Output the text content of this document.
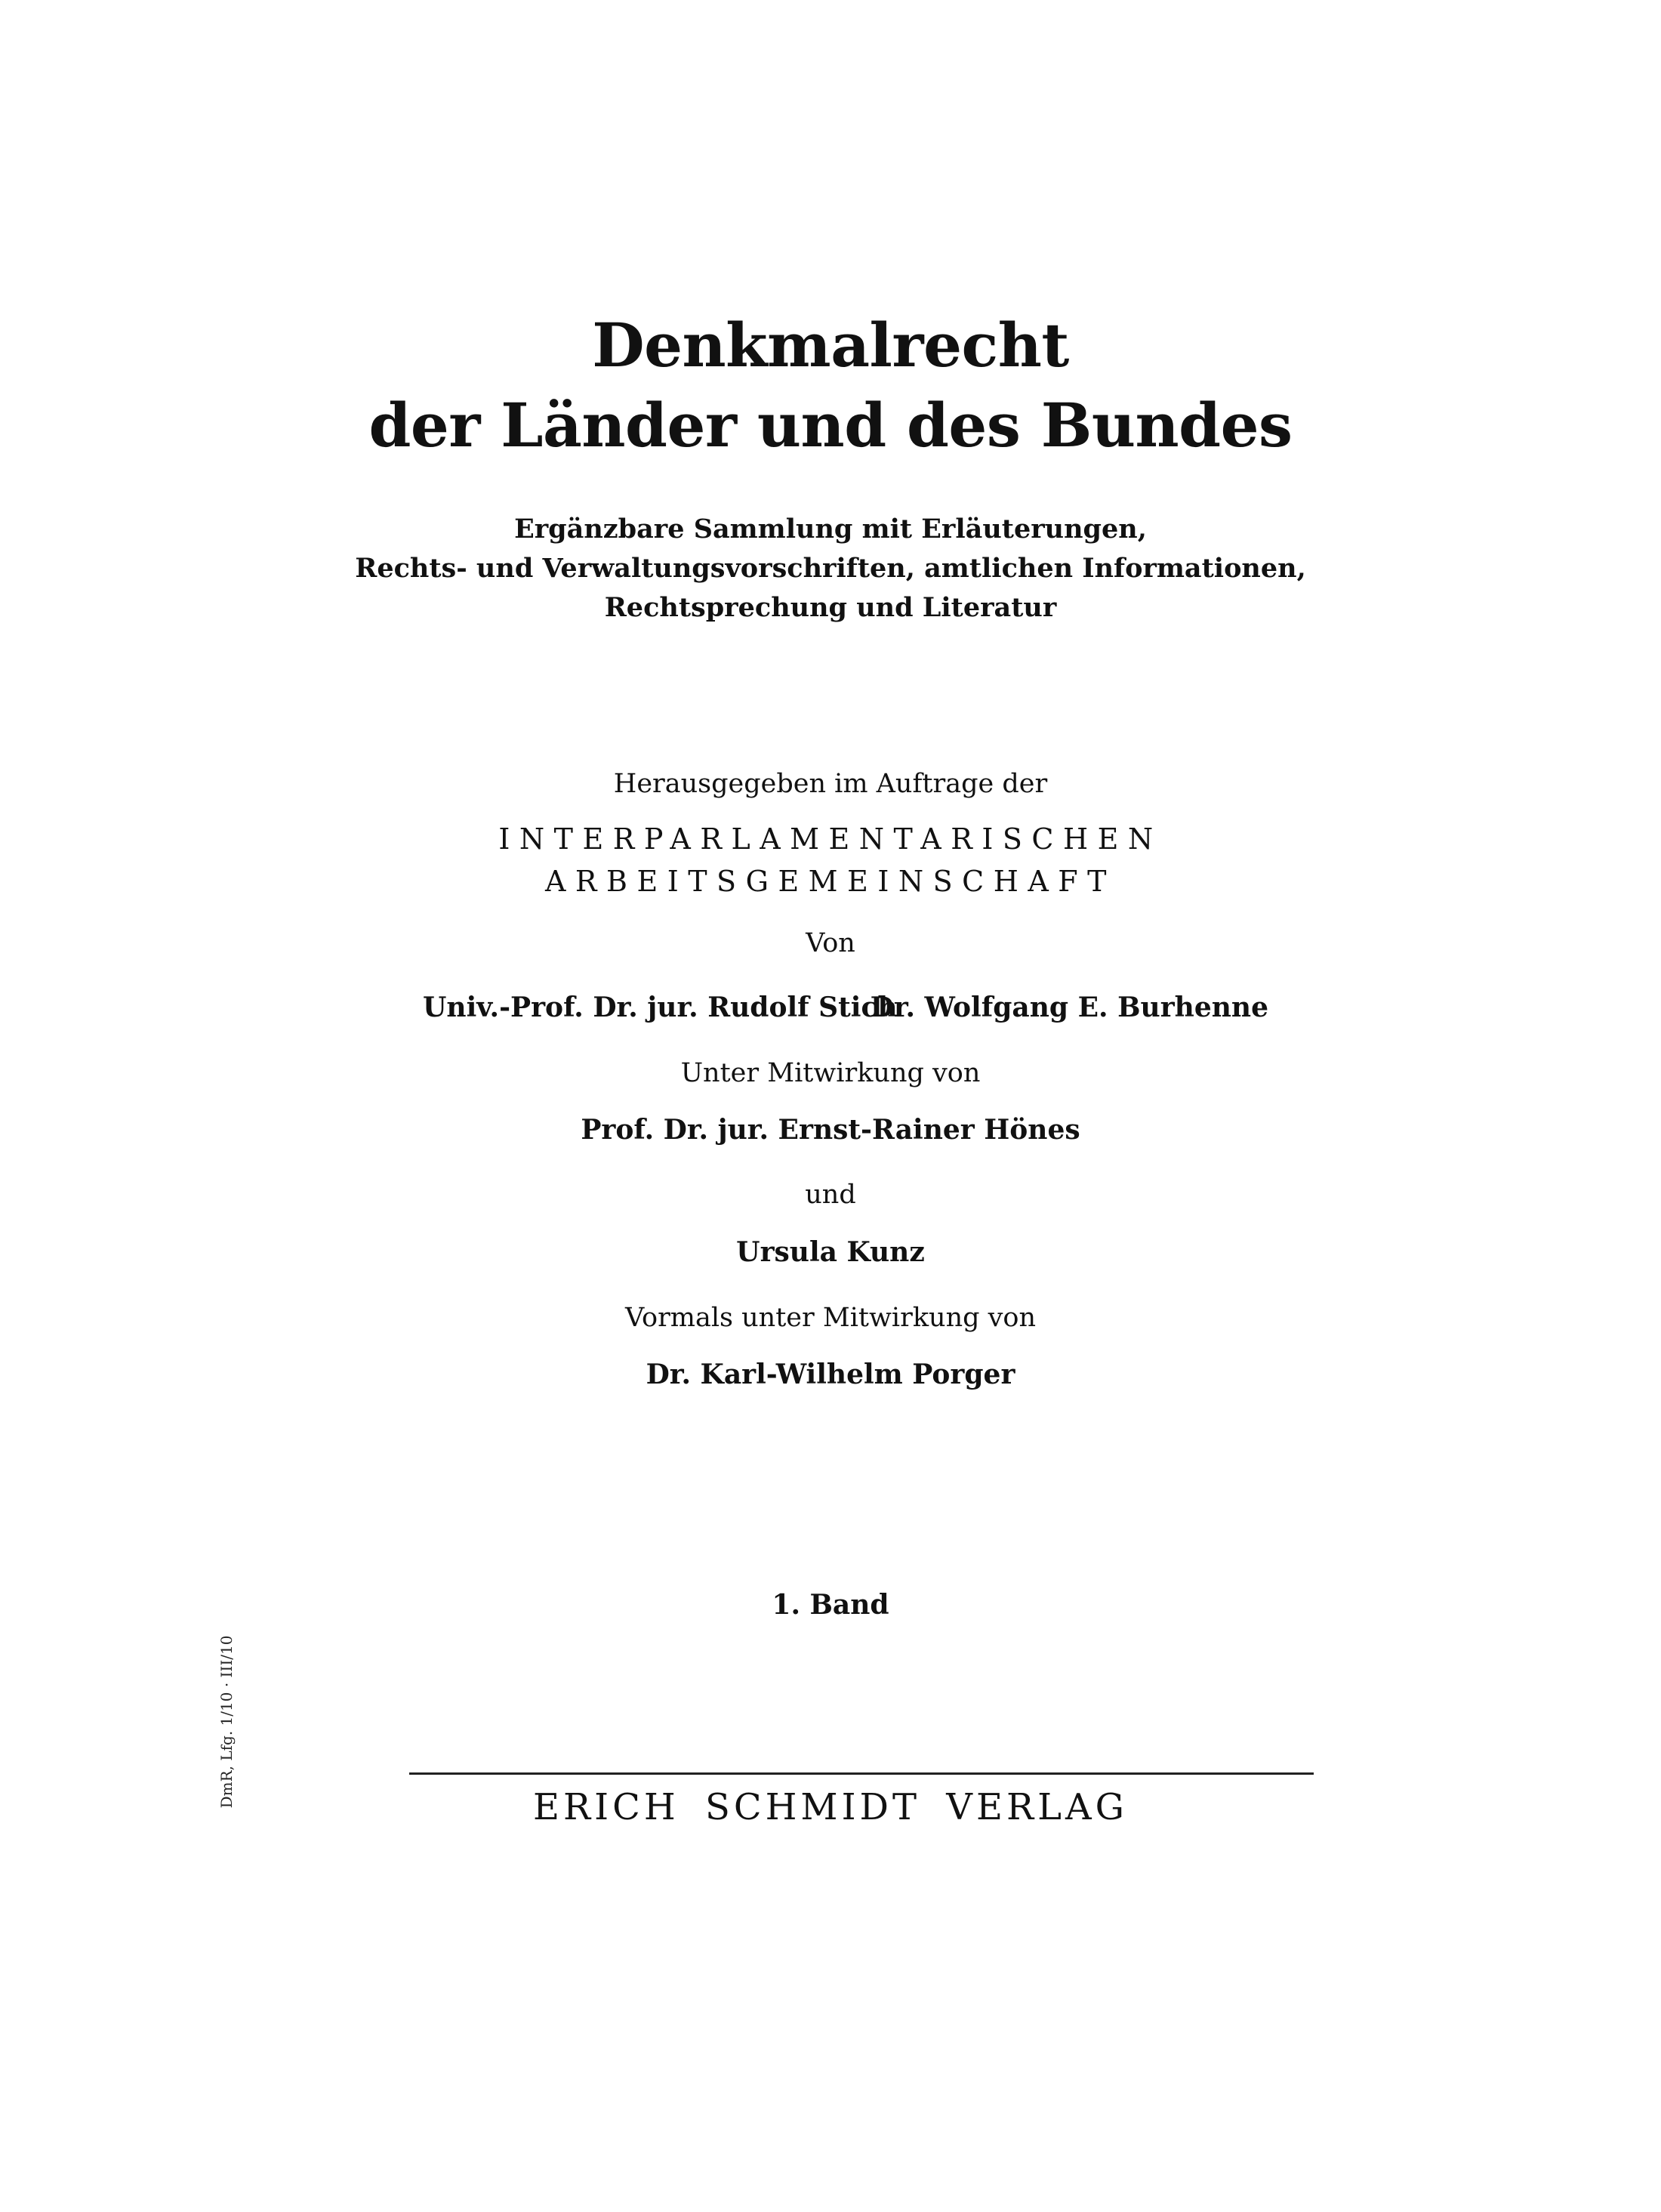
Denkmalrecht
der Länder und des Bundes
Ergänzbare Sammlung mit Erläuterungen,
Rechts- und Verwaltungsvorschriften, amtlichen Informationen,
Rechtsprechung und Literatur
Herausgegeben im Auftrage der
INTERPARLAMENTARISCHEN
ARBEITSGEMEINSCHAFT
Von
Univ.-Prof. Dr. jur. Rudolf Stich
Dr. Wolfgang E. Burhenne
Unter Mitwirkung von
Prof. Dr. jur. Ernst-Rainer Hönes
und
Ursula Kunz
Vormals unter Mitwirkung von
Dr. Karl-Wilhelm Porger
1. Band
DmR, Lfg. 1/10 · III/10	ERICH SCHMIDT VERLAG
